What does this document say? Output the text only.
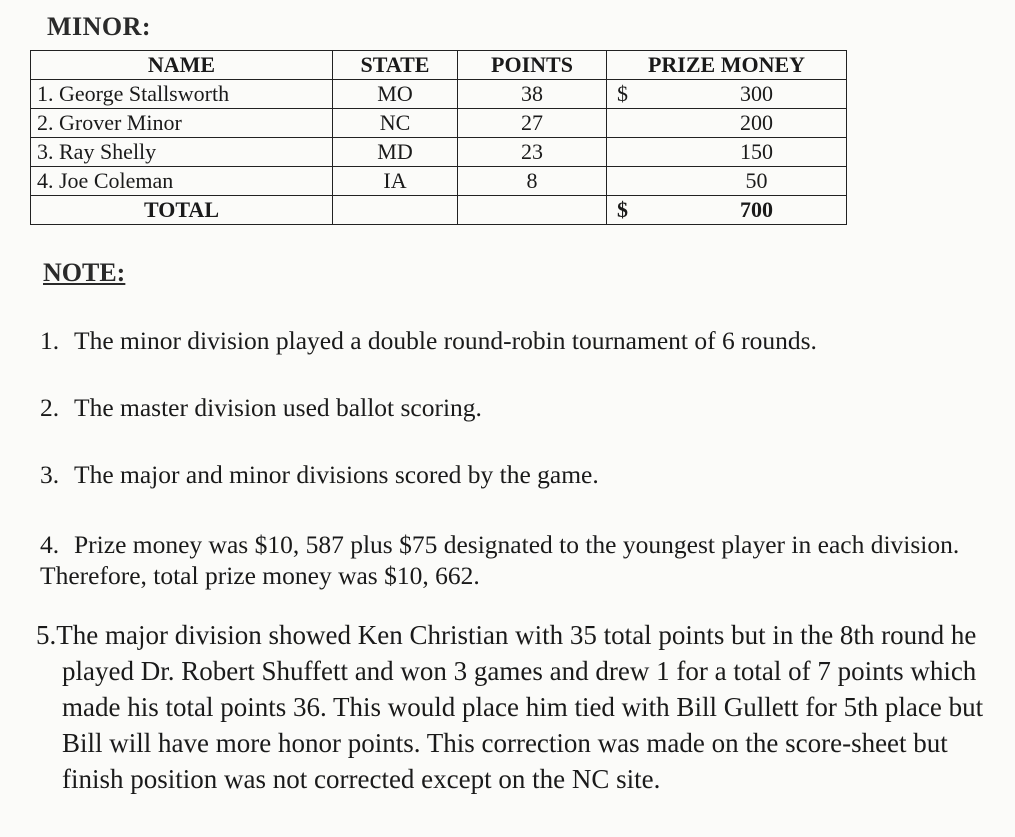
MINOR:
NAME	STATE	POINTS	PRIZE MONEY
1. George Stallsworth	MO	38	$ 300

2. Grover Minor	NC	27	200

3. Ray Shelly	MD	23	150

4. Joe Coleman	IA	8	50

TOTAL			$ 700
NOTE:
1. The minor division played a double round-robin tournament of 6 rounds.
2. The master division used ballot scoring.
3. The major and minor divisions scored by the game.
4. Prize money was $10, 587 plus $75 designated to the youngest player in each division. Therefore, total prize money was $10, 662.
5.The major division showed Ken Christian with 35 total points but in the 8th round he played Dr. Robert Shuffett and won 3 games and drew 1 for a total of 7 points which made his total points 36. This would place him tied with Bill Gullett for 5th place but Bill will have more honor points. This correction was made on the score-sheet but finish position was not corrected except on the NC site.
